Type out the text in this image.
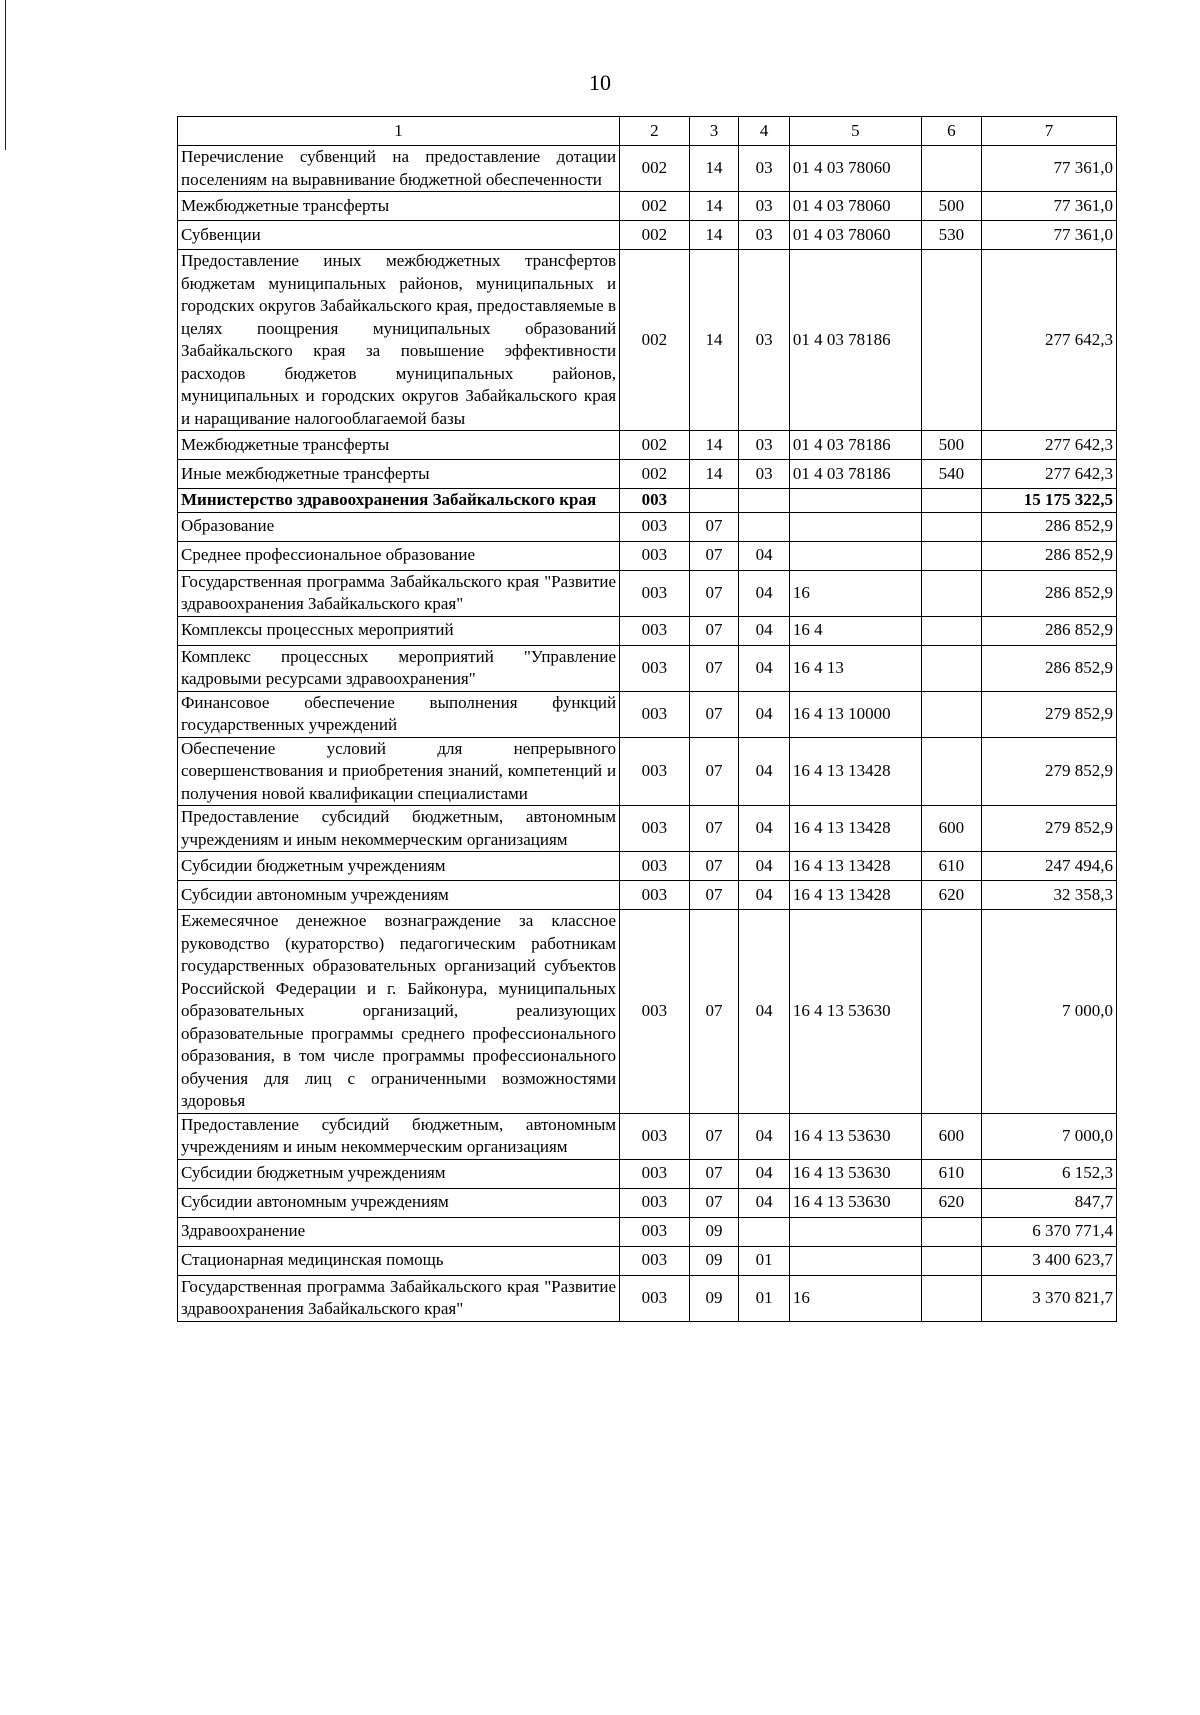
10
1	2	3	4	5	6	7
Перечисление субвенций на предоставление дотации поселениям на выравнивание бюджетной обеспеченности	002	14	03	01 4 03 78060		77 361,0
Межбюджетные трансферты	002	14	03	01 4 03 78060	500	77 361,0
Субвенции	002	14	03	01 4 03 78060	530	77 361,0
Предоставление иных межбюджетных трансфертов бюджетам муниципальных районов, муниципальных и городских округов Забайкальского края, предоставляемые в целях поощрения муниципальных образований Забайкальского края за повышение эффективности расходов бюджетов муниципальных районов, муниципальных и городских округов Забайкальского края и наращивание налогооблагаемой базы	002	14	03	01 4 03 78186		277 642,3
Межбюджетные трансферты	002	14	03	01 4 03 78186	500	277 642,3
Иные межбюджетные трансферты	002	14	03	01 4 03 78186	540	277 642,3
Министерство здравоохранения Забайкальского края	003					15 175 322,5
Образование	003	07				286 852,9
Среднее профессиональное образование	003	07	04			286 852,9
Государственная программа Забайкальского края "Развитие здравоохранения Забайкальского края"	003	07	04	16		286 852,9
Комплексы процессных мероприятий	003	07	04	16 4		286 852,9
Комплекс процессных мероприятий "Управление кадровыми ресурсами здравоохранения"	003	07	04	16 4 13		286 852,9
Финансовое обеспечение выполнения функций государственных учреждений	003	07	04	16 4 13 10000		279 852,9
Обеспечение условий для непрерывного совершенствования и приобретения знаний, компетенций и получения новой квалификации специалистами	003	07	04	16 4 13 13428		279 852,9
Предоставление субсидий бюджетным, автономным учреждениям и иным некоммерческим организациям	003	07	04	16 4 13 13428	600	279 852,9
Субсидии бюджетным учреждениям	003	07	04	16 4 13 13428	610	247 494,6
Субсидии автономным учреждениям	003	07	04	16 4 13 13428	620	32 358,3
Ежемесячное денежное вознаграждение за классное руководство (кураторство) педагогическим работникам государственных образовательных организаций субъектов Российской Федерации и г. Байконура, муниципальных образовательных организаций, реализующих образовательные программы среднего профессионального образования, в том числе программы профессионального обучения для лиц с ограниченными возможностями здоровья	003	07	04	16 4 13 53630		7 000,0
Предоставление субсидий бюджетным, автономным учреждениям и иным некоммерческим организациям	003	07	04	16 4 13 53630	600	7 000,0
Субсидии бюджетным учреждениям	003	07	04	16 4 13 53630	610	6 152,3
Субсидии автономным учреждениям	003	07	04	16 4 13 53630	620	847,7
Здравоохранение	003	09				6 370 771,4
Стационарная медицинская помощь	003	09	01			3 400 623,7
Государственная программа Забайкальского края "Развитие здравоохранения Забайкальского края"	003	09	01	16		3 370 821,7
